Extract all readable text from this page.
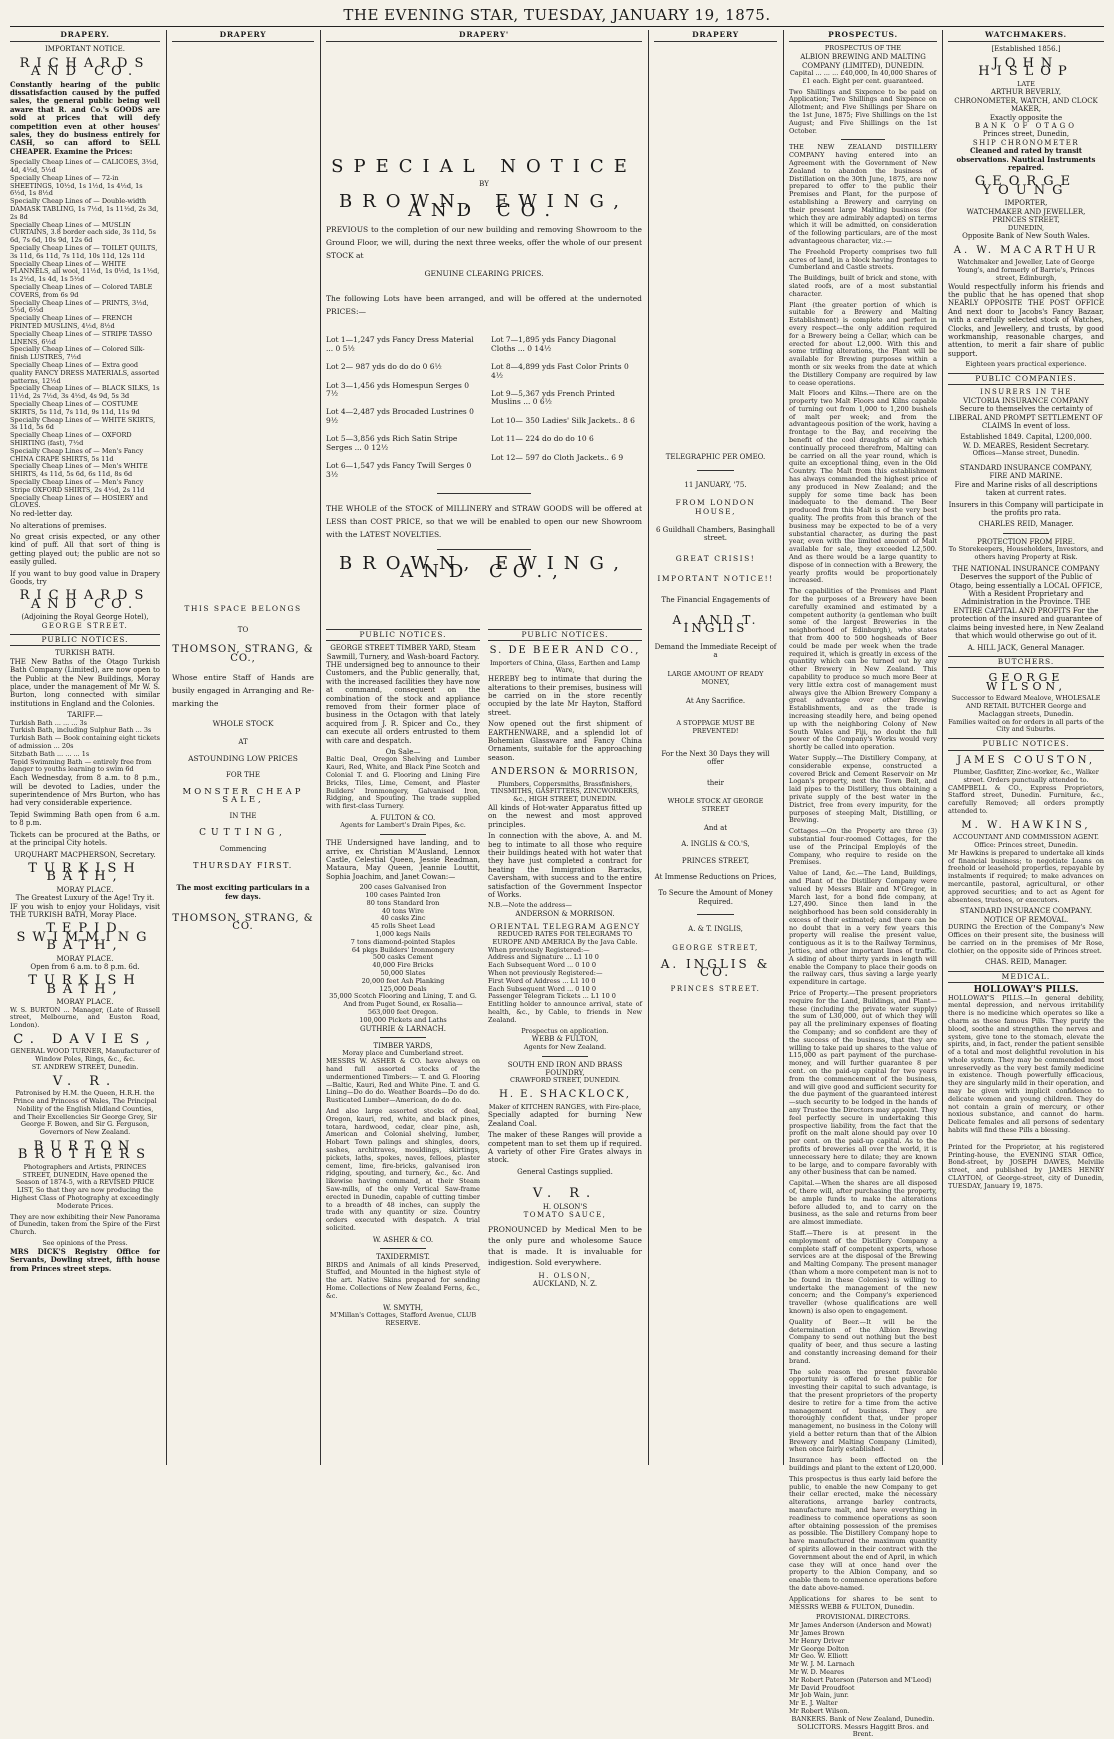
THE EVENING STAR, TUESDAY, JANUARY 19, 1875.
DRAPERY.
IMPORTANT NOTICE.
RICHARDS AND CO.

Constantly hearing of the public dissatisfaction caused by the puffed sales, the general public being well aware that R. and Co.'s GOODS are sold at prices that will defy competition even at other houses' sales, they do business entirely for CASH, so can afford to SELL CHEAPER. Examine the Prices:

Specially Cheap Lines of — CALICOES, 3½d, 4d, 4½d, 5½d
Specially Cheap Lines of — 72-in SHEETINGS, 10½d, 1s 1½d, 1s 4½d, 1s 6½d, 1s 8½d
Specially Cheap Lines of — Double-width DAMASK TABLING, 1s 7½d, 1s 11½d, 2s 3d, 2s 8d
Specially Cheap Lines of — MUSLIN CURTAINS, 3.8 border each side, 3s 11d, 5s 6d, 7s 6d, 10s 9d, 12s 6d
Specially Cheap Lines of — TOILET QUILTS, 3s 11d, 6s 11d, 7s 11d, 10s 11d, 12s 11d
Specially Cheap Lines of — WHITE FLANNELS, all wool, 11½d, 1s 0½d, 1s 1½d, 1s 2½d, 1s 4d, 1s 5½d
Specially Cheap Lines of — Colored TABLE COVERS, from 6s 9d
Specially Cheap Lines of — PRINTS, 3½d, 5½d, 6½d
Specially Cheap Lines of — FRENCH PRINTED MUSLINS, 4½d, 8½d
Specially Cheap Lines of — STRIPE TASSO LINENS, 6½d
Specially Cheap Lines of — Colored Silk-finish LUSTRES, 7½d
Specially Cheap Lines of — Extra good quality FANCY DRESS MATERIALS, assorted patterns, 12½d
Specially Cheap Lines of — BLACK SILKS, 1s 11½d, 2s 7½d, 3s 4½d, 4s 9d, 5s 3d
Specially Cheap Lines of — COSTUME SKIRTS, 5s 11d, 7s 11d, 9s 11d, 11s 9d
Specially Cheap Lines of — WHITE SKIRTS, 3s 11d, 5s 6d
Specially Cheap Lines of — OXFORD SHIRTING (fast), 7½d
Specially Cheap Lines of — Men's Fancy CHINA CRAPE SHIRTS, 5s 11d
Specially Cheap Lines of — Men's WHITE SHIRTS, 4s 11d, 5s 6d, 6s 11d, 8s 6d
Specially Cheap Lines of — Men's Fancy Stripe OXFORD SHIRTS, 2s 4½d, 2s 11d
Specially Cheap Lines of — HOSIERY and GLOVES.

No red-letter day.

No alterations of premises.

No great crisis expected, or any other kind of puff. All that sort of thing is getting played out; the public are not so easily gulled.

If you want to buy good value in Drapery Goods, try

RICHARDS AND CO.
(Adjoining the Royal George Hotel),
GEORGE STREET.
PUBLIC NOTICES.
TURKISH BATH.

THE New Baths of the Otago Turkish Bath Company (Limited), are now open to the Public at the New Buildings, Moray place, under the management of Mr W. S. Burton, long connected with similar institutions in England and the Colonies.

TARIFF.—
Turkish Bath ... ... ... 3s
Turkish Bath, including Sulphur Bath ... 3s
Turkish Bath — Book containing eight tickets of admission ... 20s
Sitzbath Bath ... ... ... 1s
Tepid Swimming Bath — entirely free from danger to youths learning to swim 6d

Each Wednesday, from 8 a.m. to 8 p.m., will be devoted to Ladies, under the superintendence of Mrs Burton, who has had very considerable experience.

Tepid Swimming Bath open from 6 a.m. to 8 p.m.

Tickets can be procured at the Baths, or at the principal City hotels.

URQUHART MACPHERSON, Secretary.
TURKISH BATH,
MORAY PLACE.
The Greatest Luxury of the Age! Try it.

IF you wish to enjoy your Holidays, visit THE TURKISH BATH, Moray Place.

TEPID SWIMMING BATH,
MORAY PLACE.
Open from 6 a.m. to 8 p.m. 6d.
TURKISH BATH,
MORAY PLACE.

W. S. BURTON ... Manager, (Late of Russell street, Melbourne, and Euston Road, London).

C. DAVIES,
GENERAL WOOD TURNER, Manufacturer of Window Poles, Rings, &c., &c.
ST. ANDREW STREET, Dunedin.
V. R.

Patronised by H.M. the Queen, H.R.H. the Prince and Princess of Wales, The Principal Nobility of the English Midland Counties, and Their Excellencies Sir George Grey, Sir George F. Bowen, and Sir G. Ferguson, Governors of New Zealand.

BURTON BROTHERS

Photographers and Artists, PRINCES STREET, DUNEDIN, Have opened the Season of 1874-5, with a REVISED PRICE LIST, So that they are now producing the Highest Class of Photography at exceedingly Moderate Prices.

They are now exhibiting their New Panorama of Dunedin, taken from the Spire of the First Church.

See opinions of the Press.

MRS DICK'S Registry Office for Servants, Dowling street, fifth house from Princes street steps.

DRAPERY
THIS SPACE BELONGS
TO
THOMSON, STRANG, & CO.,

Whose entire Staff of Hands are busily engaged in Arranging and Re-marking the

WHOLE STOCK
AT
ASTOUNDING LOW PRICES
FOR THE
MONSTER CHEAP SALE,
IN THE
CUTTING,
Commencing
THURSDAY FIRST.
The most exciting particulars in a few days.
THOMSON, STRANG, & CO.
DRAPERY'
SPECIAL NOTICE
BY
BROWN, EWING, AND CO.

PREVIOUS to the completion of our new building and removing Showroom to the Ground Floor, we will, during the next three weeks, offer the whole of our present STOCK at

GENUINE CLEARING PRICES.

The following Lots have been arranged, and will be offered at the undernoted PRICES:—

Lot 1—1,247 yds Fancy Dress Material ... 0 5½
Lot 2— 987 yds do do do 0 6½
Lot 3—1,456 yds Homespun Serges 0 7½
Lot 4—2,487 yds Brocaded Lustrines 0 9½
Lot 5—3,856 yds Rich Satin Stripe Serges ... 0 12½
Lot 6—1,547 yds Fancy Twill Serges 0 3½
Lot 7—1,895 yds Fancy Diagonal Cloths ... 0 14½
Lot 8—4,899 yds Fast Color Prints 0 4½
Lot 9—5,367 yds French Printed Muslins ... 0 6½
Lot 10— 350 Ladies' Silk Jackets.. 8 6
Lot 11— 224 do do do 10 6
Lot 12— 597 do Cloth Jackets.. 6 9

THE WHOLE of the STOCK of MILLINERY and STRAW GOODS will be offered at LESS than COST PRICE, so that we will be enabled to open our new Showroom with the LATEST NOVELTIES.

BROWN, EWING, AND CO.,
PUBLIC NOTICES.
GEORGE STREET TIMBER YARD, Steam Sawmill, Turnery, and Wash-board Factory.

THE undersigned beg to announce to their Customers, and the Public generally, that, with the increased facilities they have now at command, consequent on the combination of the stock and appliance removed from their former place of business in the Octagon with that lately acquired from J. R. Spicer and Co., they can execute all orders entrusted to them with care and despatch.

On Sale—

Baltic Deal, Oregon Shelving and Lumber Kauri, Red, White, and Black Pine Scotch and Colonial T. and G. Flooring and Lining Fire Bricks, Tiles, Lime, Cement, and Plaster Builders' Ironmongery, Galvanised Iron, Ridging, and Spouting. The trade supplied with first-class Turnery.

A. FULTON & CO.
Agents for Lambert's Drain Pipes, &c.

THE Undersigned have landing, and to arrive, ex Christian M'Ausland, Lennox Castle, Celestial Queen, Jessie Readman, Mataura, May Queen, Jeannie Louttit, Sophia Joachim, and Janet Cowan:—

200 cases Galvanised Iron
100 cases Painted Iron
80 tons Standard Iron
40 tons Wire
40 casks Zinc
45 rolls Sheet Lead
1,000 kegs Nails
7 tons diamond-pointed Staples
64 pkgs Builders' Ironmongery
500 casks Cement
40,000 Fire Bricks
50,000 Slates
20,000 feet Ash Planking
125,000 Deals
35,000 Scotch Flooring and Lining, T. and G.
And from Puget Sound, ex Rosalia—
563,000 feet Oregon.
100,000 Pickets and Laths
GUTHRIE & LARNACH.
TIMBER YARDS,
Moray place and Cumberland street.

MESSRS W. ASHER & CO. have always on hand full assorted stocks of the undermentioned Timbers:— T. and G. Flooring—Baltic, Kauri, Red and White Pine. T. and G. Lining—Do do do. Weather Boards—Do do do. Rusticated Lumber—American, do do do.

And also large assorted stocks of deal, Oregon, kauri, red, white, and black pines, totara, hardwood, cedar, clear pine, ash, American and Colonial shelving, lumber, Hobart Town palings and shingles, doors, sashes, architraves, mouldings, skirtings, pickets, laths, spokes, naves, felloes, plaster cement, lime, fire-bricks, galvanised iron ridging, spouting, and turnery, &c., &c. And likewise having command, at their Steam Saw-mills, of the only Vertical Saw-frame erected in Dunedin, capable of cutting timber to a breadth of 48 inches, can supply the trade with any quantity or size. Country orders executed with despatch. A trial solicited.

W. ASHER & CO.
TAXIDERMIST.

BIRDS and Animals of all kinds Preserved, Stuffed, and Mounted in the highest style of the art. Native Skins prepared for sending Home. Collections of New Zealand Ferns, &c., &c.

W. SMYTH,
M'Millan's Cottages, Stafford Avenue, CLUB RESERVE.
PUBLIC NOTICES.
S. DE BEER AND CO.,
Importers of China, Glass, Earthen and Lamp Ware,

HEREBY beg to intimate that during the alterations to their premises, business will be carried on in the store recently occupied by the late Mr Hayton, Stafford street.

Now opened out the first shipment of EARTHENWARE, and a splendid lot of Bohemian Glassware and Fancy China Ornaments, suitable for the approaching season.

ANDERSON & MORRISON,
Plumbers, Coppersmiths, Brassfinishers, TINSMITHS, GASFITTERS, ZINCWORKERS, &c., HIGH STREET, DUNEDIN.

All kinds of Hot-water Apparatus fitted up on the newest and most approved principles.

In connection with the above, A. and M. beg to intimate to all those who require their buildings heated with hot water that they have just completed a contract for heating the Immigration Barracks, Caversham, with success and to the entire satisfaction of the Government Inspector of Works.

N.B.—Note the address—
ANDERSON & MORRISON.
ORIENTAL TELEGRAM AGENCY
REDUCED RATES FOR TELEGRAMS TO EUROPE AND AMERICA By the Java Cable.
When previously Registered:—
Address and Signature ... L1 10 0
Each Subsequent Word ... 0 10 0
When not previously Registered:—
First Word of Address ... L1 10 0
Each Subsequent Word ... 0 10 0
Passenger Telegram Tickets ... L1 10 0

Entitling holder to announce arrival, state of health, &c., by Cable, to friends in New Zealand.

Prospectus on application.
WEBB & FULTON,
Agents for New Zealand.
SOUTH END IRON AND BRASS FOUNDRY,
CRAWFORD STREET, DUNEDIN.
H. E. SHACKLOCK,
Maker of KITCHEN RANGES, with Fire-place,

Specially adapted for burning New Zealand Coal.

The maker of these Ranges will provide a competent man to set them up if required. A variety of other Fire Grates always in stock.

General Castings supplied.
V. R.
H. OLSON'S
TOMATO SAUCE,

PRONOUNCED by Medical Men to be the only pure and wholesome Sauce that is made. It is invaluable for indigestion. Sold everywhere.

H. OLSON,
AUCKLAND, N. Z.
DRAPERY
TELEGRAPHIC PER OMEO.
11 JANUARY, '75.
FROM LONDON HOUSE,
6 Guildhall Chambers, Basinghall street.
GREAT CRISIS!
IMPORTANT NOTICE!!
The Financial Engagements of
A. AND T. INGLIS
Demand the Immediate Receipt of a
LARGE AMOUNT OF READY MONEY,
At Any Sacrifice.
A STOPPAGE MUST BE PREVENTED!
For the Next 30 Days they will offer
their
WHOLE STOCK AT GEORGE STREET
And at
A. INGLIS & CO.'S,
PRINCES STREET,
At Immense Reductions on Prices,
To Secure the Amount of Money Required.
A. & T. INGLIS,
GEORGE STREET,
A. INGLIS & CO.
PRINCES STREET.
PROSPECTUS.
PROSPECTUS OF THE
ALBION BREWING AND MALTING COMPANY (LIMITED), DUNEDIN.

Capital ... ... ... £40,000, In 40,000 Shares of £1 each. Eight per cent. guaranteed.

Two Shillings and Sixpence to be paid on Application; Two Shillings and Sixpence on Allotment; and Five Shillings per Share on the 1st June, 1875; Five Shillings on the 1st August; and Five Shillings on the 1st October.

THE NEW ZEALAND DISTILLERY COMPANY having entered into an Agreement with the Government of New Zealand to abandon the business of Distillation on the 30th June, 1875, are now prepared to offer to the public their Premises and Plant, for the purpose of establishing a Brewery and carrying on their present large Malting business (for which they are admirably adapted) on terms which it will be admitted, on consideration of the following particulars, are of the most advantageous character, viz.:—

The Freehold Property comprises two full acres of land, in a block having frontages to Cumberland and Castle streets.

The Buildings, built of brick and stone, with slated roofs, are of a most substantial character.

Plant (the greater portion of which is suitable for a Brewery and Malting Establishment) is complete and perfect in every respect—the only addition required for a Brewery being a Cellar, which can be erected for about L2,000. With this and some trifling alterations, the Plant will be available for Brewing purposes within a month or six weeks from the date at which the Distillery Company are required by law to cease operations.

Malt Floors and Kilns.—There are on the property two Malt Floors and Kilns capable of turning out from 1,000 to 1,200 bushels of malt per week; and from the advantageous position of the work, having a frontage to the Bay, and receiving the benefit of the cool draughts of air which continually proceed therefrom, Malting can be carried on all the year round, which is quite an exceptional thing, even in the Old Country. The Malt from this establishment has always commanded the highest price of any produced in New Zealand; and the supply for some time back has been inadequate to the demand. The Beer produced from this Malt is of the very best quality. The profits from this branch of the business may be expected to be of a very substantial character, as during the past year, even with the limited amount of Malt available for sale, they exceeded L2,500. And as there would be a large quantity to dispose of in connection with a Brewery, the yearly profits would be proportionately increased.

The capabilities of the Premises and Plant for the purposes of a Brewery have been carefully examined and estimated by a competent authority (a gentleman who built some of the largest Breweries in the neighborhood of Edinburgh), who states that from 400 to 500 hogsheads of Beer could be made per week when the trade required it, which is greatly in excess of the quantity which can be turned out by any other Brewery in New Zealand. This capability to produce so much more Beer at very little extra cost of management must always give the Albion Brewery Company a great advantage over other Brewing Establishments, and as the trade is increasing steadily here, and being opened up with the neighboring Colony of New South Wales and Fiji, no doubt the full power of the Company's Works would very shortly be called into operation.

Water Supply.—The Distillery Company, at considerable expense, constructed a covered Brick and Cement Reservoir on Mr Logan's property, next the Town Belt, and laid pipes to the Distillery, thus obtaining a private supply of the best water in the District, free from every impurity, for the purposes of steeping Malt, Distilling, or Brewing.

Cottages.—On the Property are three (3) substantial four-roomed Cottages, for the use of the Principal Employés of the Company, who require to reside on the Premises.

Value of Land, &c.—The Land, Buildings, and Plant of the Distillery Company were valued by Messrs Blair and M'Gregor, in March last, for a bond fide company, at L27,490. Since then land in the neighborhood has been sold considerably in excess of their estimated; and there can be no doubt that in a very few years this property will realise the present value, contiguous as it is to the Railway Terminus, Jetties, and other important lines of traffic. A siding of about thirty yards in length will enable the Company to place their goods on the railway cars, thus saving a large yearly expenditure in cartage.

Price of Property.—The present proprietors require for the Land, Buildings, and Plant—these (including the private water supply) the sum of L30,000, out of which they will pay all the preliminary expenses of floating the Company; and so confident are they of the success of the business, that they are willing to take paid up shares to the value of L15,000 as part payment of the purchase-money, and will further guarantee 8 per cent. on the paid-up capital for two years from the commencement of the business, and will give good and sufficient security for the due payment of the guaranteed interest—such security to be lodged in the hands of any Trustee the Directors may appoint. They feel perfectly secure in undertaking this prospective liability, from the fact that the profit on the malt alone should pay over 10 per cent. on the paid-up capital. As to the profits of breweries all over the world, it is unnecessary here to dilate; they are known to be large, and to compare favorably with any other business that can be named.

Capital.—When the shares are all disposed of, there will, after purchasing the property, be ample funds to make the alterations before alluded to, and to carry on the business, as the sale and returns from beer are almost immediate.

Staff.—There is at present in the employment of the Distillery Company a complete staff of competent experts, whose services are at the disposal of the Brewing and Malting Company. The present manager (than whom a more competent man is not to be found in these Colonies) is willing to undertake the management of the new concern; and the Company's experienced traveller (whose qualifications are well known) is also open to engagement.

Quality of Beer.—It will be the determination of the Albion Brewing Company to send out nothing but the best quality of beer, and thus secure a lasting and constantly increasing demand for their brand.

The sole reason the present favorable opportunity is offered to the public for investing their capital to such advantage, is that the present proprietors of the property desire to retire for a time from the active management of business. They are thoroughly confident that, under proper management, no business in the Colony will yield a better return than that of the Albion Brewery and Malting Company (Limited), when once fairly established.

Insurance has been effected on the buildings and plant to the extent of L20,000.

This prospectus is thus early laid before the public, to enable the new Company to get their cellar erected, make the necessary alterations, arrange barley contracts, manufacture malt, and have everything in readiness to commence operations as soon after obtaining possession of the premises as possible. The Distillery Company hope to have manufactured the maximum quantity of spirits allowed in their contract with the Government about the end of April, in which case they will at once hand over the property to the Albion Company, and so enable them to commence operations before the date above-named.

Applications for shares to be sent to MESSRS WEBB & FULTON, Dunedin.

PROVISIONAL DIRECTORS.
Mr James Anderson (Anderson and Mowat)
Mr James Brown
Mr Henry Driver
Mr George Dolton
Mr Geo. W. Elliott
Mr W. J. M. Larnach
Mr W. D. Meares
Mr Robert Paterson (Paterson and M'Leod)
Mr David Proudfoot
Mr Job Wain, junr.
Mr E. J. Walter
Mr Robert Wilson.
BANKERS. Bank of New Zealand, Dunedin.
SOLICITORS. Messrs Haggitt Bros. and Brent.
WATCHMAKERS.
[Established 1856.]
JOHN HISLOP
LATE
ARTHUR BEVERLY,
CHRONOMETER, WATCH, AND CLOCK MAKER,
Exactly opposite the
BANK OF OTAGO
Princes street, Dunedin,
SHIP CHRONOMETER
Cleaned and rated by transit observations. Nautical Instruments repaired.
GEORGE YOUNG
IMPORTER,
WATCHMAKER AND JEWELLER,
PRINCES STREET,
DUNEDIN,
Opposite Bank of New South Wales.
A. W. MACARTHUR
Watchmaker and Jeweller, Late of George Young's, and formerly of Barrie's, Princes street, Edinburgh,

Would respectfully inform his friends and the public that he has opened that shop NEARLY OPPOSITE THE POST OFFICE And next door to Jacobs's Fancy Bazaar, with a carefully selected stock of Watches, Clocks, and Jewellery, and trusts, by good workmanship, reasonable charges, and attention, to merit a fair share of public support.

Eighteen years practical experience.
PUBLIC COMPANIES.
INSURERS IN THE
VICTORIA INSURANCE COMPANY

Secure to themselves the certainty of LIBERAL AND PROMPT SETTLEMENT OF CLAIMS In event of loss.

Established 1849. Capital, L200,000.
W. D. MEARES, Resident Secretary.
Offices—Manse street, Dunedin.
STANDARD INSURANCE COMPANY,
FIRE AND MARINE.

Fire and Marine risks of all descriptions taken at current rates.

Insurers in this Company will participate in the profits pro rata.

CHARLES REID, Manager.
PROTECTION FROM FIRE.

To Storekeepers, Householders, Investors, and others having Property at Risk.

THE NATIONAL INSURANCE COMPANY

Deserves the support of the Public of Otago, being essentially a LOCAL OFFICE, With a Resident Proprietary and Administration in the Province. THE ENTIRE CAPITAL AND PROFITS For the protection of the insured and guarantee of claims being invested here, in New Zealand that which would otherwise go out of it.

A. HILL JACK, General Manager.
BUTCHERS.
GEORGE WILSON,
Successor to Edward Mealove, WHOLESALE AND RETAIL BUTCHER George and Maclaggan streets, Dunedin.
Families waited on for orders in all parts of the City and Suburbs.
PUBLIC NOTICES.
JAMES COUSTON,
Plumber, Gasfitter, Zinc-worker, &c., Walker street. Orders punctually attended to.

CAMPBELL & CO., Express Proprietors, Stafford street, Dunedin. Furniture, &c., carefully Removed; all orders promptly attended to.

M. W. HAWKINS,
ACCOUNTANT AND COMMISSION AGENT.
Office: Princes street, Dunedin.

Mr Hawkins is prepared to undertake all kinds of financial business; to negotiate Loans on freehold or leasehold properties, repayable by instalments if required; to make advances on mercantile, pastoral, agricultural, or other approved securities; and to act as Agent for absentees, trustees, or executors.

STANDARD INSURANCE COMPANY.
NOTICE OF REMOVAL.

DURING the Erection of the Company's New Offices on their present site, the business will be carried on in the premises of Mr Rose, clothier, on the opposite side of Princes street.

CHAS. REID, Manager.
MEDICAL.
HOLLOWAY'S PILLS.

HOLLOWAY'S PILLS.—In general debility, mental depression, and nervous irritability there is no medicine which operates so like a charm as these famous Pills. They purify the blood, soothe and strengthen the nerves and system, give tone to the stomach, elevate the spirits, and, in fact, render the patient sensible of a total and most delightful revolution in his whole system. They may be commended most unreservedly as the very best family medicine in existence. Though powerfully efficacious, they are singularly mild in their operation, and may be given with implicit confidence to delicate women and young children. They do not contain a grain of mercury, or other noxious substance, and cannot do harm. Delicate females and all persons of sedentary habits will find these Pills a blessing.

Printed for the Proprietor, at his registered Printing-house, the EVENING STAR Office, Bond-street, by JOSEPH DAWES, Melville street, and published by JAMES HENRY CLAYTON, of George-street, city of Dunedin, TUESDAY, January 19, 1875.
